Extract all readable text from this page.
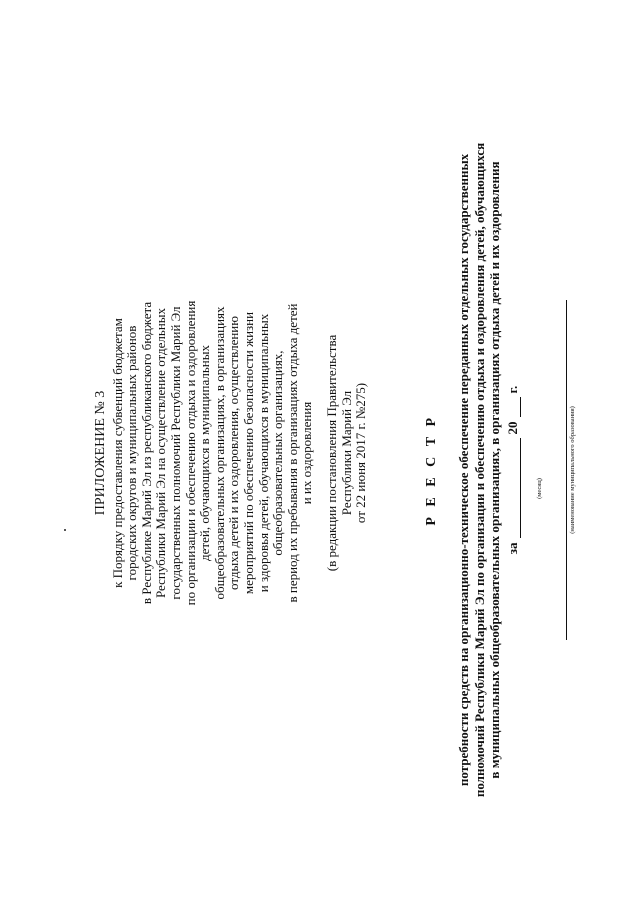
ПРИЛОЖЕНИЕ № 3 к Порядку предоставления субвенций бюджетам городских округов и муниципальных районов в Республике Марий Эл из республиканского бюджета Республики Марий Эл на осуществление отдельных государственных полномочий Республики Марий Эл по организации и обеспечению отдыха и оздоровления детей, обучающихся в муниципальных общеобразовательных организациях, в организациях отдыха детей и их оздоровления, осуществлению мероприятий по обеспечению безопасности жизни и здоровья детей, обучающихся в муниципальных общеобразовательных организациях, в период их пребывания в организациях отдыха детей и их оздоровления (в редакции постановления Правительства Республики Марий Эл от 22 июня 2017 г. №275)	Р Е Е С Т Р потребности средств на организационно-техническое обеспечение переданных отдельных государственных полномочий Республики Марий Эл по организации и обеспечению отдыха и оздоровления детей, обучающихся в муниципальных общеобразовательных организациях, в организациях отдыха детей и их оздоровления за
(месяц)
20
г.
(наименование муниципального образования)
